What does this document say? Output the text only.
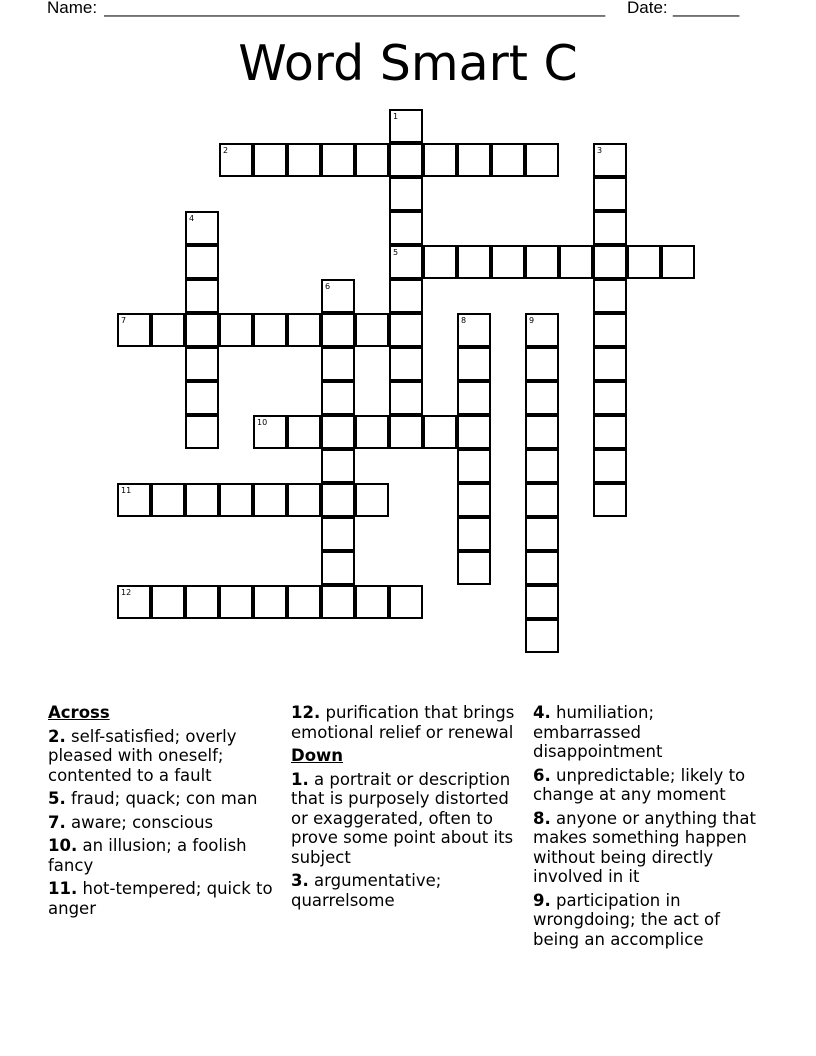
Name: _____________________________________________________ Date: _______
Word Smart C
1
5
2	3
4
6
7	8	9
10
11
12
Across
2. self-satisfied; overly pleased with oneself; contented to a fault
5. fraud; quack; con man
7. aware; conscious
10. an illusion; a foolish fancy
11. hot-tempered; quick to anger
12. purification that brings emotional relief or renewal
Down
1. a portrait or description that is purposely distorted or exaggerated, often to prove some point about its subject
3. argumentative; quarrelsome
4. humiliation; embarrassed disappointment
6. unpredictable; likely to change at any moment
8. anyone or anything that makes something happen without being directly involved in it
9. participation in wrongdoing; the act of being an accomplice
